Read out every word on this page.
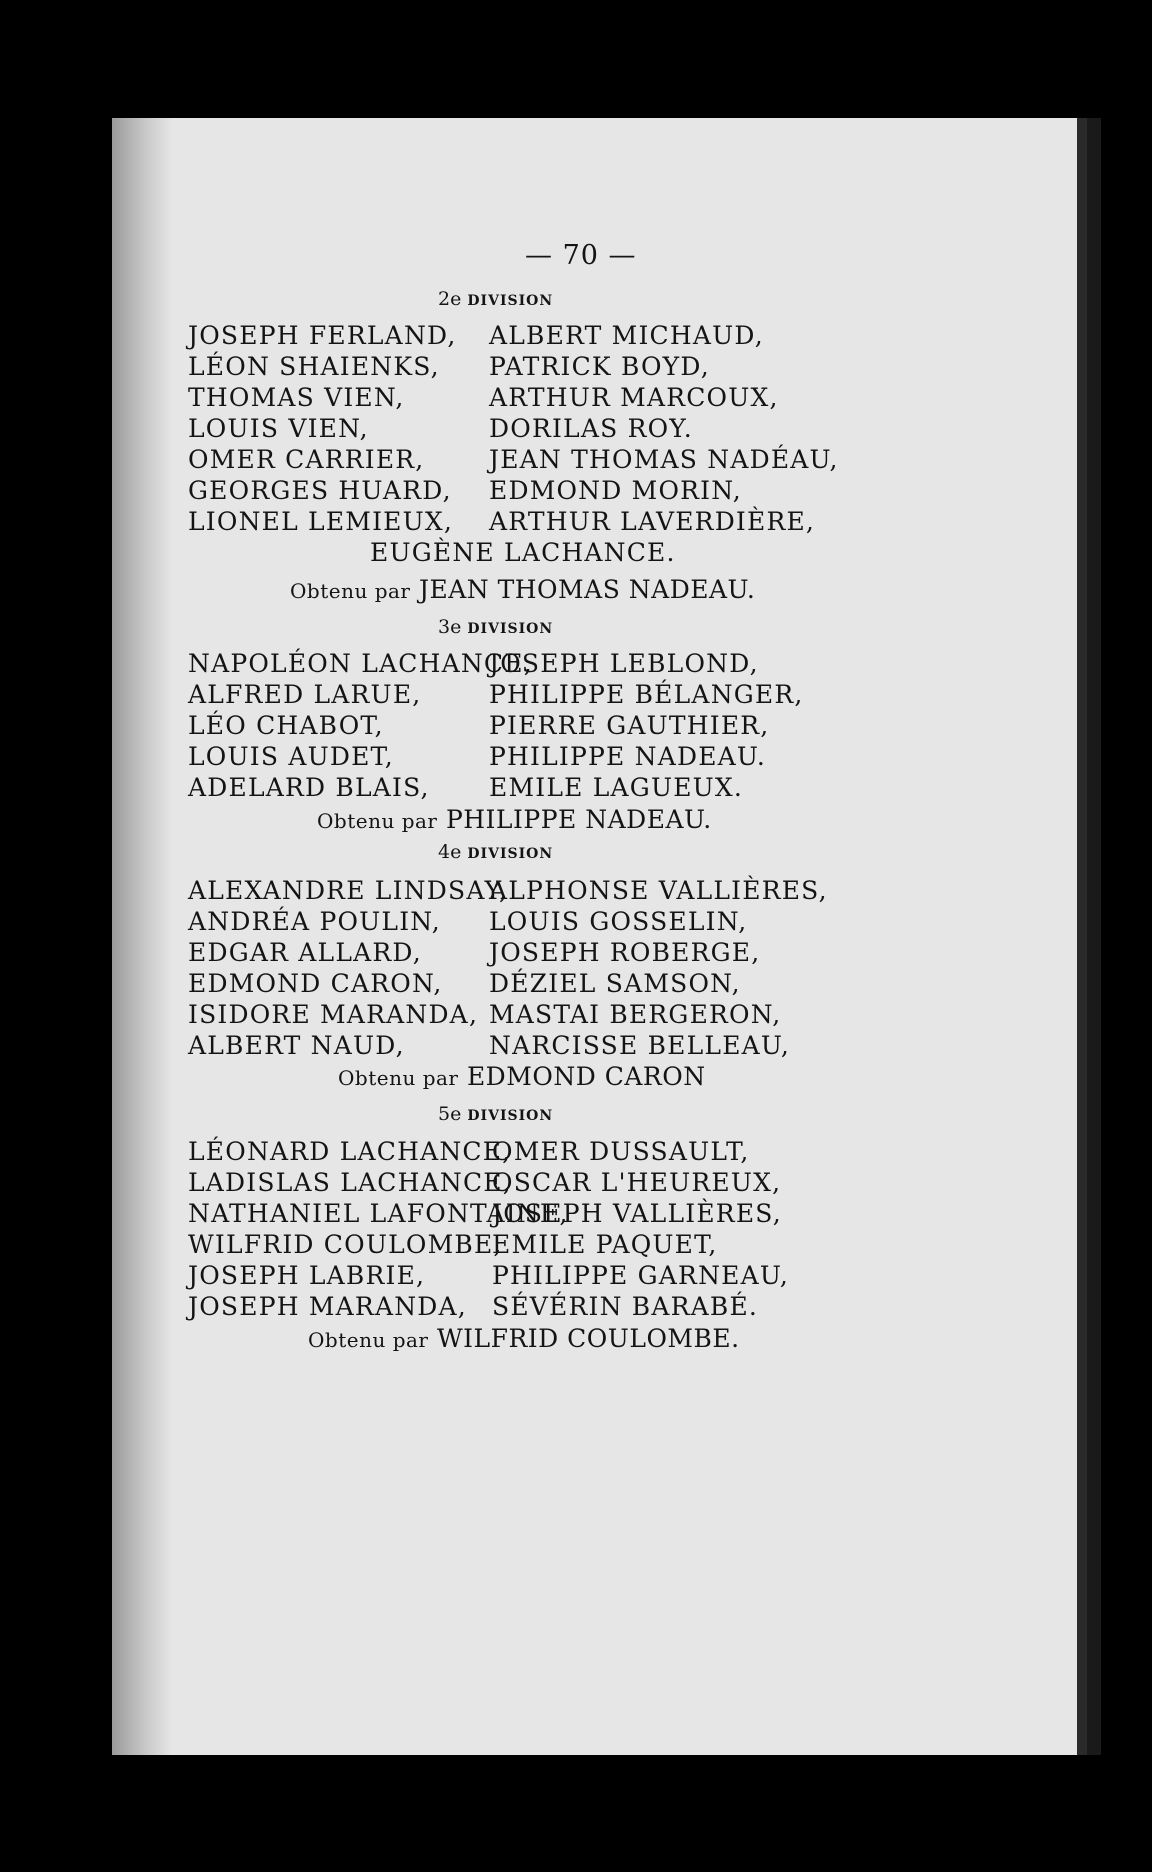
— 70 —
2e DIVISION
JOSEPH FERLAND,
LÉON SHAIENKS,
THOMAS VIEN,
LOUIS VIEN,
OMER CARRIER,
GEORGES HUARD,
LIONEL LEMIEUX,
ALBERT MICHAUD,
PATRICK BOYD,
ARTHUR MARCOUX,
DORILAS ROY.
JEAN THOMAS NADÉAU,
EDMOND MORIN,
ARTHUR LAVERDIÈRE,
EUGÈNE LACHANCE.
Obtenu par JEAN THOMAS NADEAU.
3e DIVISION
NAPOLÉON LACHANCE,
ALFRED LARUE,
LÉO CHABOT,
LOUIS AUDET,
ADELARD BLAIS,
JOSEPH LEBLOND,
PHILIPPE BÉLANGER,
PIERRE GAUTHIER,
PHILIPPE NADEAU.
EMILE LAGUEUX.
Obtenu par PHILIPPE NADEAU.
4e DIVISION
ALEXANDRE LINDSAY,
ANDRÉA POULIN,
EDGAR ALLARD,
EDMOND CARON,
ISIDORE MARANDA,
ALBERT NAUD,
ALPHONSE VALLIÈRES,
LOUIS GOSSELIN,
JOSEPH ROBERGE,
DÉZIEL SAMSON,
MASTAI BERGERON,
NARCISSE BELLEAU,
Obtenu par EDMOND CARON
5e DIVISION
LÉONARD LACHANCE,
LADISLAS LACHANCE,
NATHANIEL LAFONTAINE,
WILFRID COULOMBE,
JOSEPH LABRIE,
JOSEPH MARANDA,
OMER DUSSAULT,
OSCAR L'HEUREUX,
JOSEPH VALLIÈRES,
EMILE PAQUET,
PHILIPPE GARNEAU,
SÉVÉRIN BARABÉ.
Obtenu par WILFRID COULOMBE.
